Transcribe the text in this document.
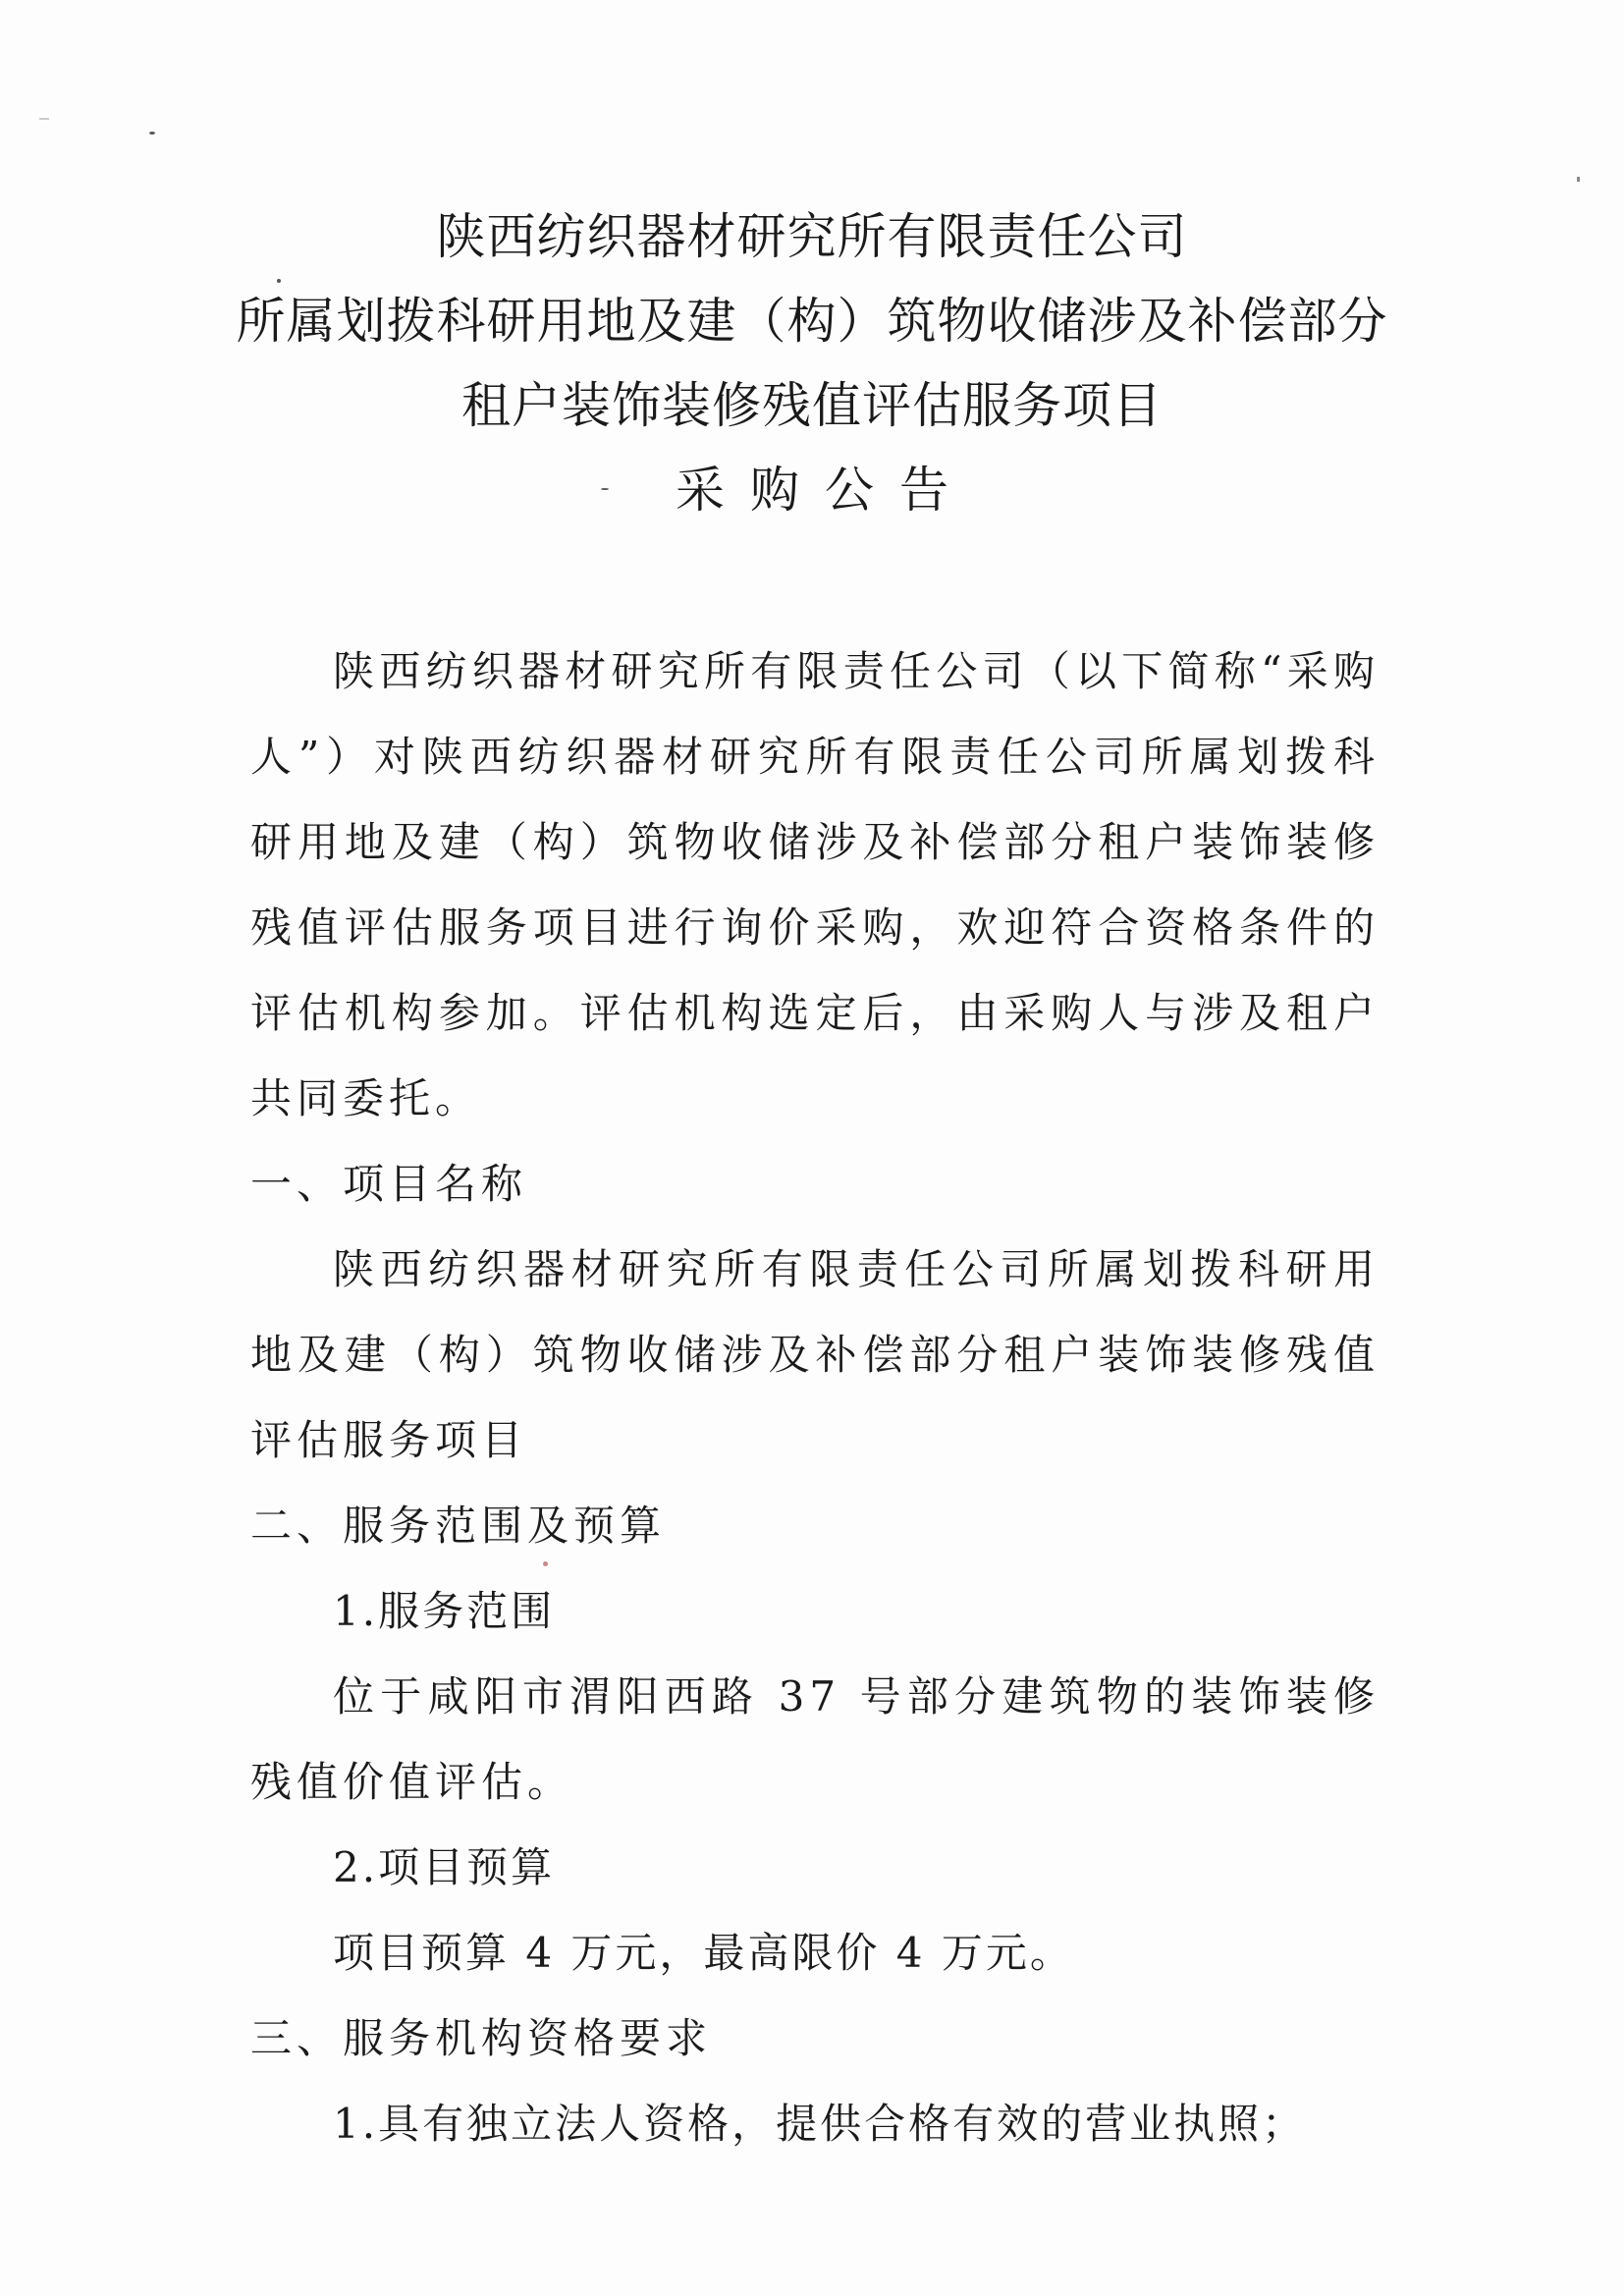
陕西纺织器材研究所有限责任公司
所属划拨科研用地及建（构）筑物收储涉及补偿部分
租户装饰装修残值评估服务项目
采购公告

陕西纺织器材研究所有限责任公司（以下简称“采购人”）对陕西纺织器材研究所有限责任公司所属划拨科研用地及建（构）筑物收储涉及补偿部分租户装饰装修残值评估服务项目进行询价采购，欢迎符合资格条件的评估机构参加。评估机构选定后，由采购人与涉及租户共同委托。

一、项目名称

陕西纺织器材研究所有限责任公司所属划拨科研用地及建（构）筑物收储涉及补偿部分租户装饰装修残值评估服务项目

二、服务范围及预算

1.服务范围

位于咸阳市渭阳西路 37 号部分建筑物的装饰装修残值价值评估。

2.项目预算

项目预算 4 万元，最高限价 4 万元。

三、服务机构资格要求

1.具有独立法人资格，提供合格有效的营业执照；
